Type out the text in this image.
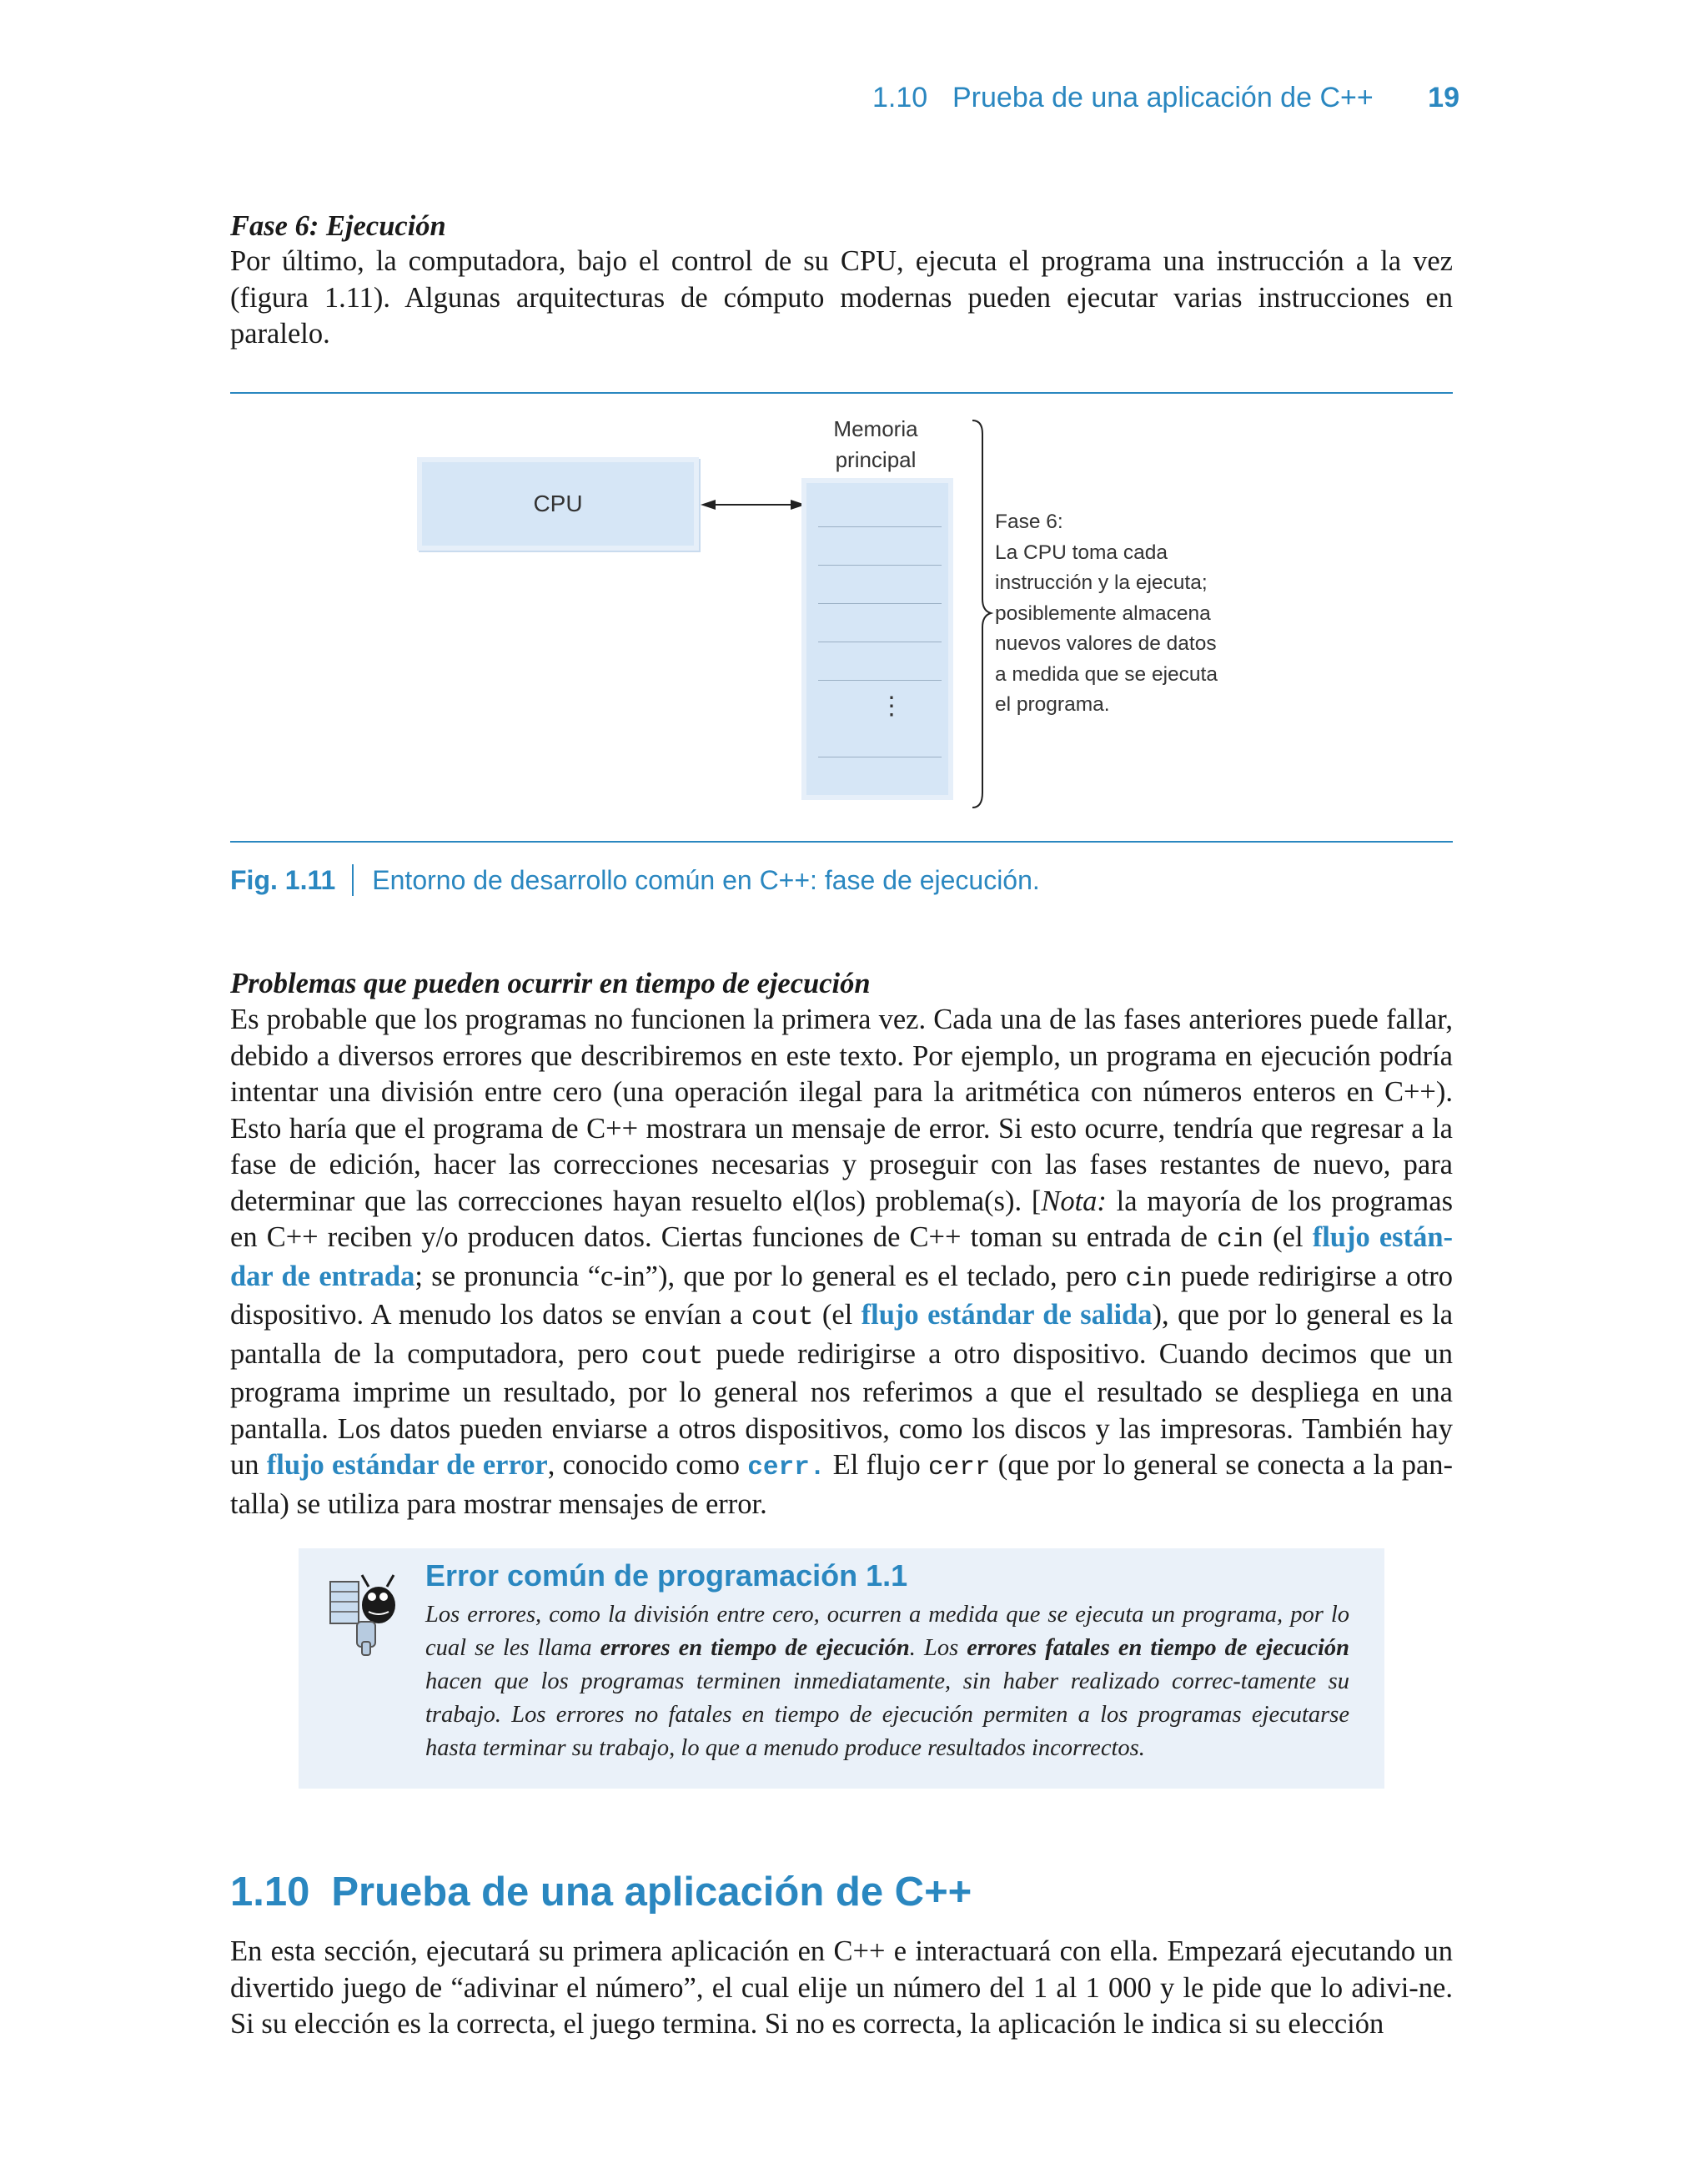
1.10 Prueba de una aplicación de C++ 19
Fase 6: Ejecución
Por último, la computadora, bajo el control de su CPU, ejecuta el programa una instrucción a la vez (figura 1.11). Algunas arquitecturas de cómputo modernas pueden ejecutar varias instrucciones en paralelo.
CPU
Memoria
principal
⋮
Fase 6:
La CPU toma cada
instrucción y la ejecuta;
posiblemente almacena
nuevos valores de datos
a medida que se ejecuta
el programa.
Fig. 1.11 Entorno de desarrollo común en C++: fase de ejecución.
Problemas que pueden ocurrir en tiempo de ejecución
Es probable que los programas no funcionen la primera vez. Cada una de las fases anteriores puede fallar, debido a diversos errores que describiremos en este texto. Por ejemplo, un programa en ejecución podría intentar una división entre cero (una operación ilegal para la aritmética con números enteros en C++). Esto haría que el programa de C++ mostrara un mensaje de error. Si esto ocurre, tendría que regresar a la fase de edición, hacer las correcciones necesarias y proseguir con las fases restantes de nuevo, para determinar que las correcciones hayan resuelto el(los) problema(s). [Nota: la mayoría de los programas en C++ reciben y/o producen datos. Ciertas funciones de C++ toman su entrada de cin (el flujo están-dar de entrada; se pronuncia “c-in”), que por lo general es el teclado, pero cin puede redirigirse a otro dispositivo. A menudo los datos se envían a cout (el flujo estándar de salida), que por lo general es la pantalla de la computadora, pero cout puede redirigirse a otro dispositivo. Cuando decimos que un programa imprime un resultado, por lo general nos referimos a que el resultado se despliega en una pantalla. Los datos pueden enviarse a otros dispositivos, como los discos y las impresoras. También hay un flujo estándar de error, conocido como cerr. El flujo cerr (que por lo general se conecta a la pan-talla) se utiliza para mostrar mensajes de error.
Error común de programación 1.1
Los errores, como la división entre cero, ocurren a medida que se ejecuta un programa, por lo cual se les llama errores en tiempo de ejecución. Los errores fatales en tiempo de ejecución hacen que los programas terminen inmediatamente, sin haber realizado correc-tamente su trabajo. Los errores no fatales en tiempo de ejecución permiten a los programas ejecutarse hasta terminar su trabajo, lo que a menudo produce resultados incorrectos.
1.10 Prueba de una aplicación de C++
En esta sección, ejecutará su primera aplicación en C++ e interactuará con ella. Empezará ejecutando un divertido juego de “adivinar el número”, el cual elije un número del 1 al 1 000 y le pide que lo adivi-ne. Si su elección es la correcta, el juego termina. Si no es correcta, la aplicación le indica si su elección
